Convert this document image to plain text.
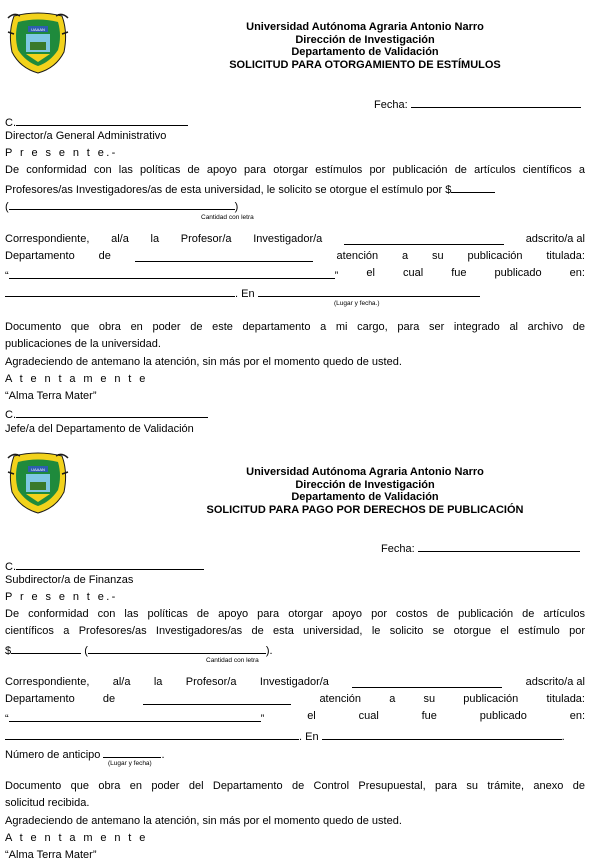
UAAAN	Universidad Autónoma Agraria Antonio Narro
Dirección de Investigación
Departamento de Validación
SOLICITUD PARA OTORGAMIENTO DE ESTÍMULOS
Fecha:
C.
Director/a General Administrativo
P r e s e n t e.-
De conformidad con las políticas de apoyo para otorgar estímulos por publicación de artículos científicos a
Profesores/as Investigadores/as de esta universidad, le solicito se otorgue el estímulo por $
(	)
Cantidad con letra
Correspondiente, al/a la Profesor/a Investigador/a	adscrito/a al
Departamento de	atención a su publicación titulada:
“	”	el	cual	fue	publicado	en:
. En
(Lugar y fecha.)
Documento que obra en poder de este departamento a mi cargo, para ser integrado al archivo de
publicaciones de la universidad.
Agradeciendo de antemano la atención, sin más por el momento quedo de usted.
A t e n t a m e n t e
“Alma Terra Mater”
C.
Jefe/a del Departamento de Validación
UAAAN	Universidad Autónoma Agraria Antonio Narro
Dirección de Investigación
Departamento de Validación
SOLICITUD PARA PAGO POR DERECHOS DE PUBLICACIÓN
Fecha:
C.
Subdirector/a de Finanzas
P r e s e n t e.-
De conformidad con las políticas de apoyo para otorgar apoyo por costos de publicación de artículos
científicos a Profesores/as Investigadores/as de esta universidad, le solicito se otorgue el estímulo por
$	(	).
Cantidad con letra
Correspondiente, al/a la Profesor/a Investigador/a	adscrito/a al
Departamento	de	atención	a	su	publicación	titulada:
“	”	el	cual	fue	publicado	en:
. En	.
Número de anticipo	.
(Lugar y fecha)
Documento que obra en poder del Departamento de Control Presupuestal, para su trámite, anexo de
solicitud recibida.
Agradeciendo de antemano la atención, sin más por el momento quedo de usted.
A t e n t a m e n t e
“Alma Terra Mater”
